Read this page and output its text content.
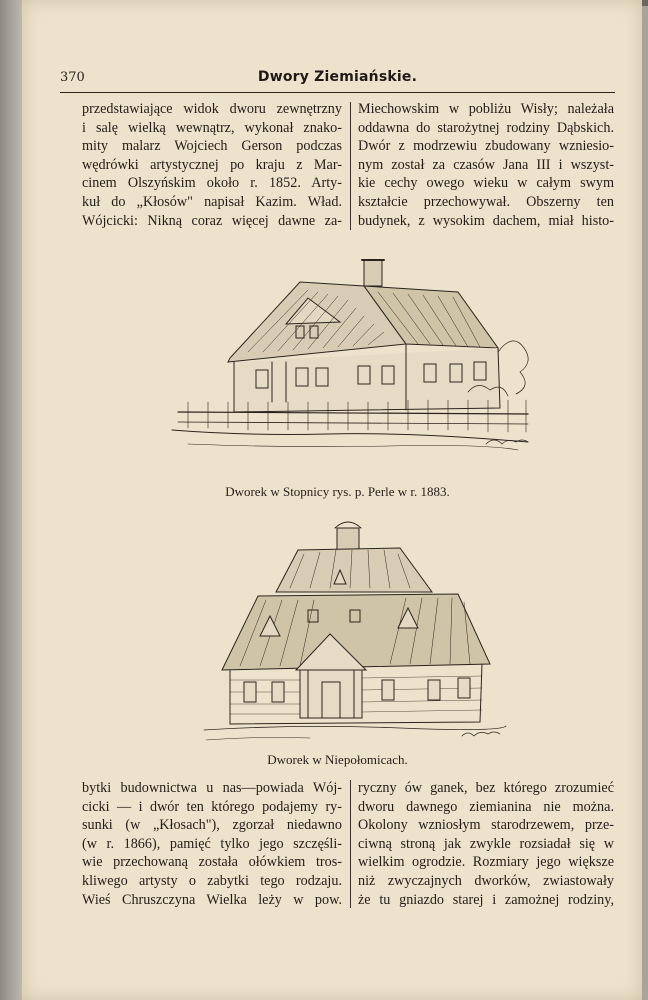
370	Dwory Ziemiańskie.
przedstawiające widok dworu zewnętrzny
i salę wielką wewnątrz, wykonał znako-
mity malarz Wojciech Gerson podczas
wędrówki artystycznej po kraju z Mar-
cinem Olszyńskim około r. 1852. Arty-
kuł do „Kłosów" napisał Kazim. Wład.
Wójcicki: Nikną coraz więcej dawne za-
Miechowskim w pobliżu Wisły; należała
oddawna do starożytnej rodziny Dąbskich.
Dwór z modrzewiu zbudowany wzniesio-
nym został za czasów Jana III i wszyst-
kie cechy owego wieku w całym swym
kształcie przechowywał. Obszerny ten
budynek, z wysokim dachem, miał histo-
Dworek w Stopnicy rys. p. Perle w r. 1883.
Dworek w Niepołomicach.
bytki budownictwa u nas—powiada Wój-
cicki — i dwór ten którego podajemy ry-
sunki (w „Kłosach"), zgorzał niedawno
(w r. 1866), pamięć tylko jego szczęśli-
wie przechowaną została ołówkiem tros-
kliwego artysty o zabytki tego rodzaju.
Wieś Chruszczyna Wielka leży w pow.
ryczny ów ganek, bez którego zrozumieć
dworu dawnego ziemianina nie można.
Okolony wzniosłym starodrzewem, prze-
ciwną stroną jak zwykle rozsiadał się w
wielkim ogrodzie. Rozmiary jego większe
niż zwyczajnych dworków, zwiastowały
że tu gniazdo starej i zamożnej rodziny,
